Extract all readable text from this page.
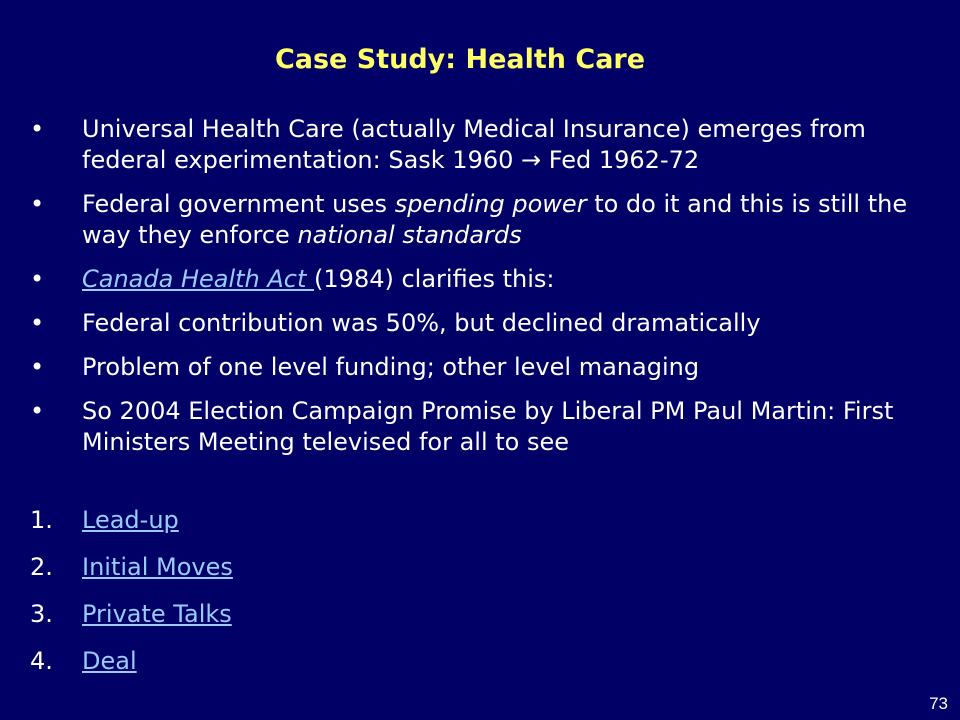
Case Study: Health Care
• Universal Health Care (actually Medical Insurance) emerges from federal experimentation: Sask 1960 → Fed 1962-72
• Federal government uses spending power to do it and this is still the way they enforce national standards
• Canada Health Act (1984) clarifies this:
• Federal contribution was 50%, but declined dramatically
• Problem of one level funding; other level managing
• So 2004 Election Campaign Promise by Liberal PM Paul Martin: First Ministers Meeting televised for all to see
1. Lead-up
2. Initial Moves
3. Private Talks
4. Deal
73
